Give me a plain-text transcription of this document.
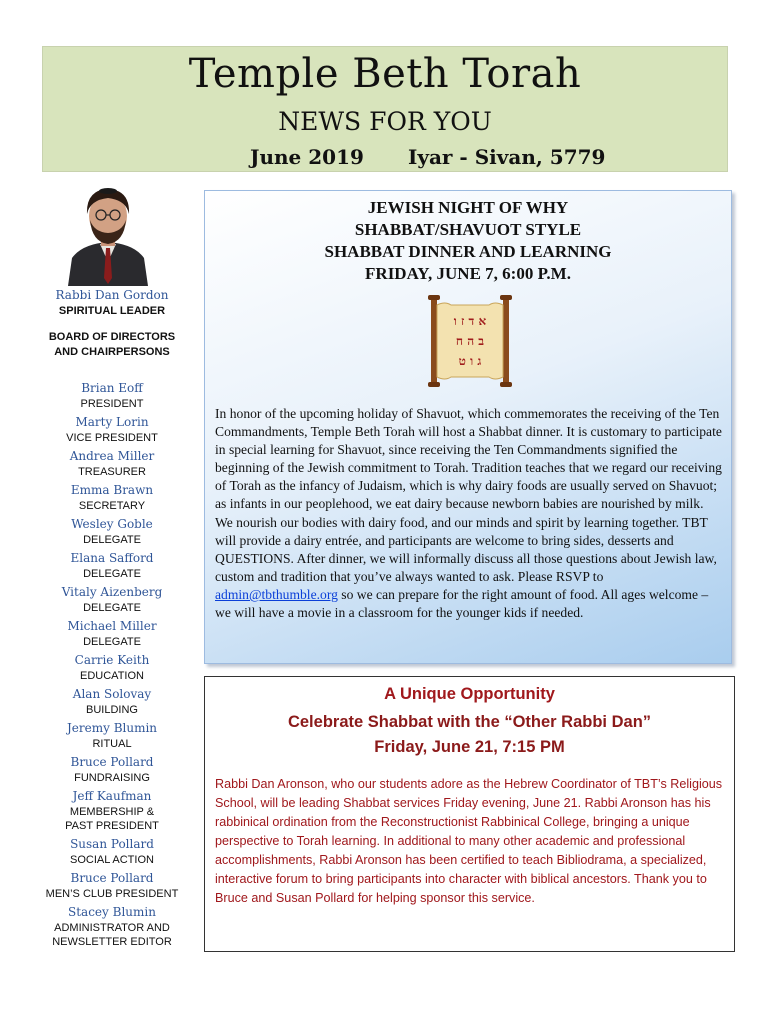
Temple Beth Torah
NEWS FOR YOU
June 2019 Iyar - Sivan, 5779
Rabbi Dan Gordon
SPIRITUAL LEADER
BOARD OF DIRECTORS
AND CHAIRPERSONS
Brian Eoff
PRESIDENT
Marty Lorin
VICE PRESIDENT
Andrea Miller
TREASURER
Emma Brawn
SECRETARY
Wesley Goble
DELEGATE
Elana Safford
DELEGATE
Vitaly Aizenberg
DELEGATE
Michael Miller
DELEGATE
Carrie Keith
EDUCATION
Alan Solovay
BUILDING
Jeremy Blumin
RITUAL
Bruce Pollard
FUNDRAISING
Jeff Kaufman
MEMBERSHIP &
PAST PRESIDENT
Susan Pollard
SOCIAL ACTION
Bruce Pollard
MEN’S CLUB PRESIDENT
Stacey Blumin
ADMINISTRATOR AND
NEWSLETTER EDITOR
JEWISH NIGHT OF WHY
SHABBAT/SHAVUOT STYLE
SHABBAT DINNER AND LEARNING
FRIDAY, JUNE 7, 6:00 P.M.
א ד ז ו
ב ה ח
ג ו ט
In honor of the upcoming holiday of Shavuot, which commemorates the receiving of the Ten Commandments, Temple Beth Torah will host a Shabbat dinner. It is customary to participate in special learning for Shavuot, since receiving the Ten Commandments signified the beginning of the Jewish commitment to Torah. Tradition teaches that we regard our receiving of Torah as the infancy of Judaism, which is why dairy foods are usually served on Shavuot; as infants in our peoplehood, we eat dairy because newborn babies are nourished by milk. We nourish our bodies with dairy food, and our minds and spirit by learning together. TBT will provide a dairy entrée, and participants are welcome to bring sides, desserts and QUESTIONS. After dinner, we will informally discuss all those questions about Jewish law, custom and tradition that you’ve always wanted to ask. Please RSVP to admin@tbthumble.org so we can prepare for the right amount of food. All ages welcome – we will have a movie in a classroom for the younger kids if needed.
A Unique Opportunity
Celebrate Shabbat with the “Other Rabbi Dan”
Friday, June 21, 7:15 PM
Rabbi Dan Aronson, who our students adore as the Hebrew Coordinator of TBT’s Religious School, will be leading Shabbat services Friday evening, June 21. Rabbi Aronson has his rabbinical ordination from the Reconstructionist Rabbinical College, bringing a unique perspective to Torah learning. In additional to many other academic and professional accomplishments, Rabbi Aronson has been certified to teach Bibliodrama, a specialized, interactive forum to bring participants into character with biblical ancestors. Thank you to Bruce and Susan Pollard for helping sponsor this service.
